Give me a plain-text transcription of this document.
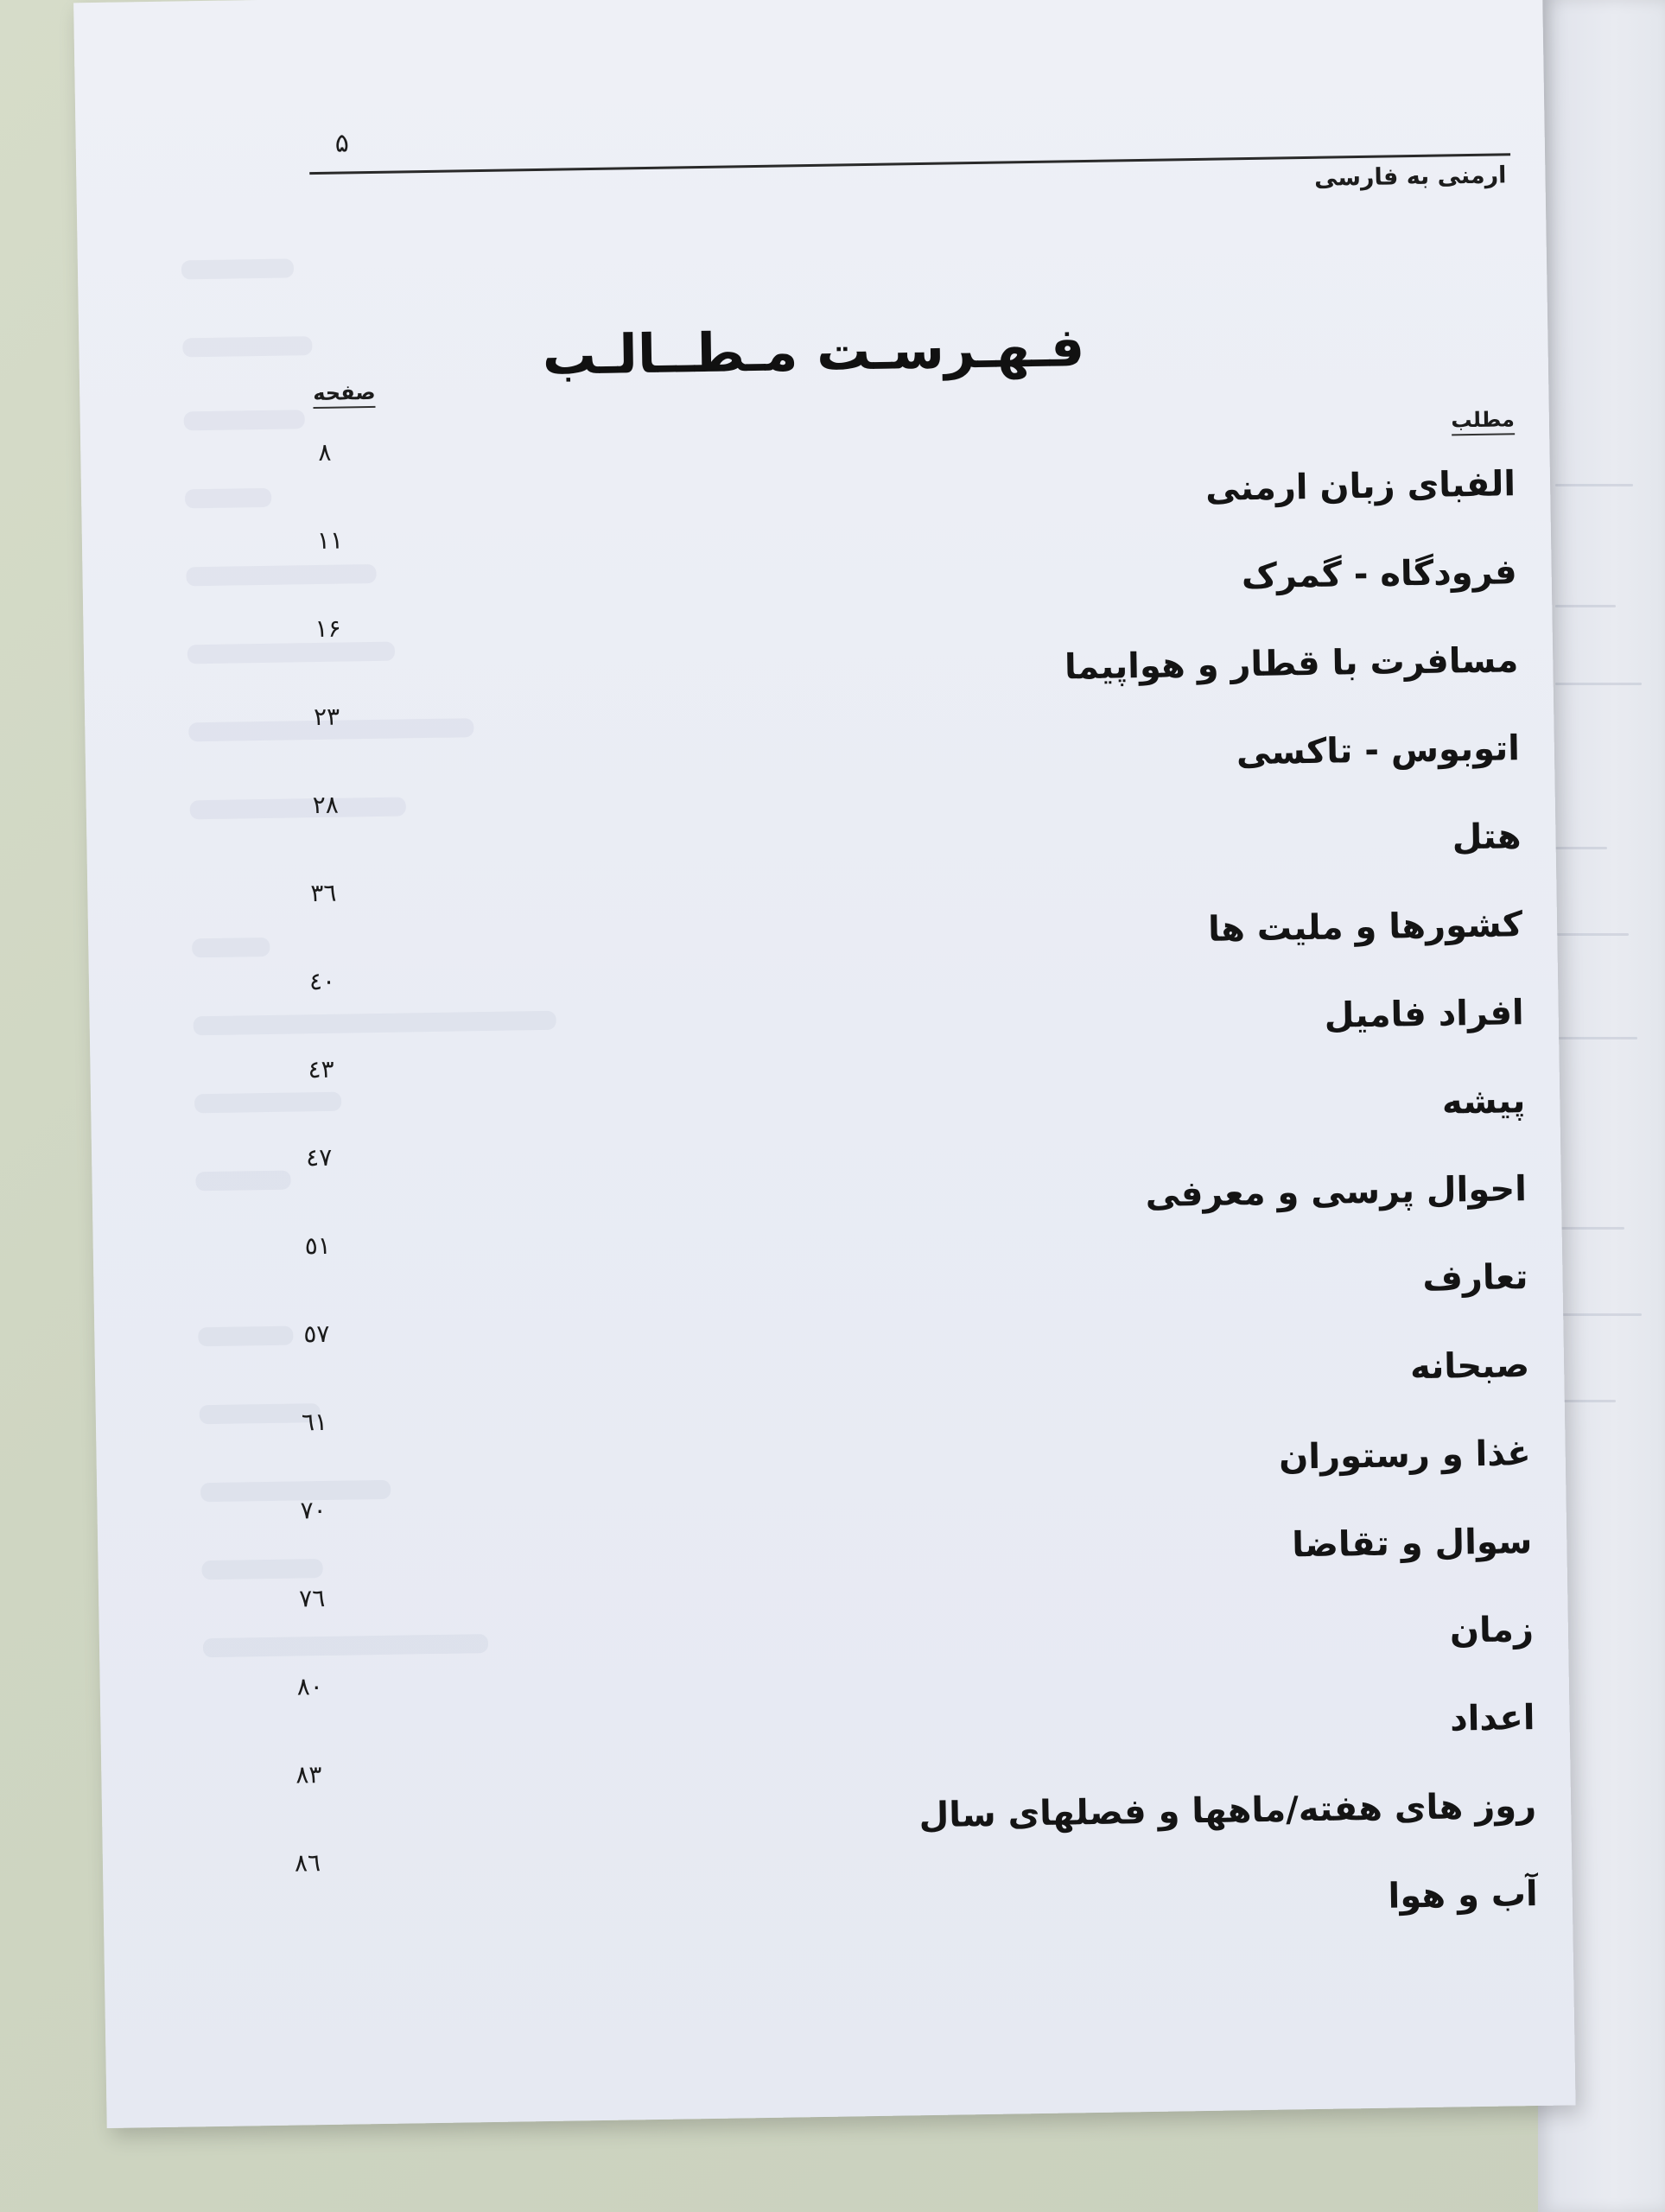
۵
ارمنی به فارسی
فـهـرسـت مـطــالـب
صفحه
مطلب
الفبای زبان ارمنی
۸
فرودگاه - گمرک
۱۱
مسافرت با قطار و هواپیما
۱۶
اتوبوس - تاکسی
۲۳
هتل
۲۸
کشورها و ملیت ها
۳٦
افراد فامیل
٤٠
پیشه
٤٣
احوال پرسی و معرفی
٤٧
تعارف
٥١
صبحانه
٥٧
غذا و رستوران
٦١
سوال و تقاضا
۷۰
زمان
۷٦
اعداد
۸۰
روز های هفته/ماهها و فصلهای سال
۸۳
آب و هوا
۸٦
